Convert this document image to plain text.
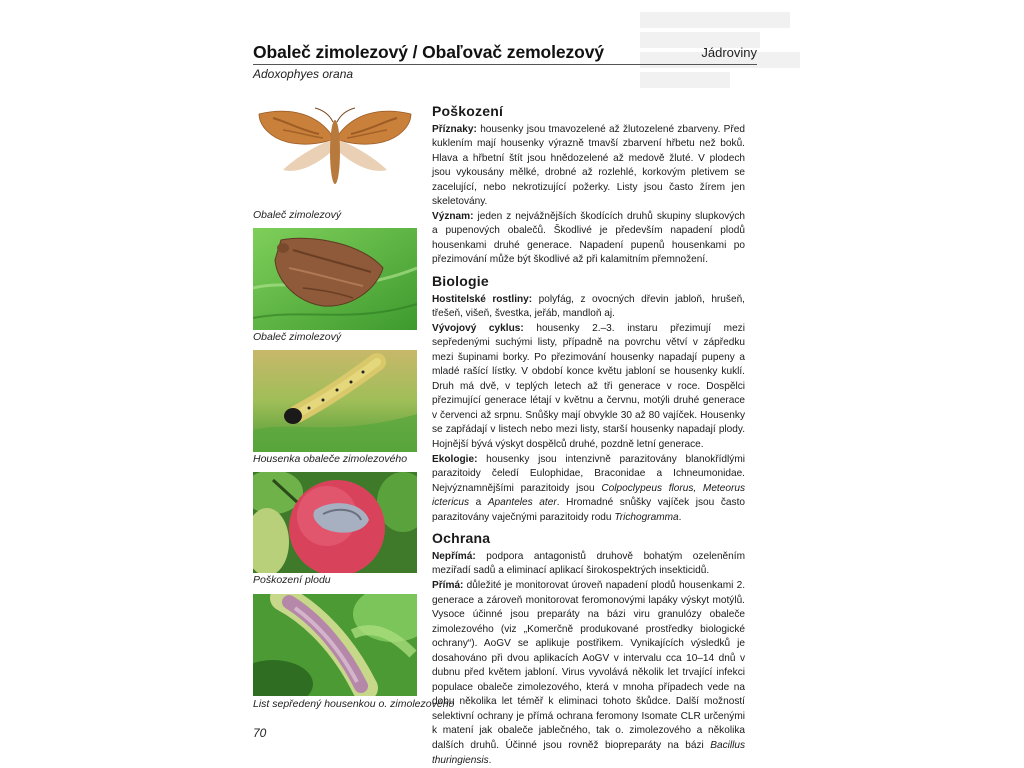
Obaleč zimolezový / Obaľovač zemolezový	Jádroviny
Adoxophyes orana
Obaleč zimolezový
Obaleč zimolezový
Housenka obaleče zimolezového
Poškození plodu
List sepředený housenkou o. zimolezového
Poškození

Příznaky: housenky jsou tmavozelené až žlutozelené zbarveny. Před kuklením mají housenky výrazně tmavší zbarvení hřbetu než boků. Hlava a hřbetní štít jsou hnědozelené až medově žluté. V plodech jsou vykousány mělké, drobné až rozlehlé, korkovým pletivem se zacelující, nebo nekrotizující požerky. Listy jsou často žírem jen skeletovány.

Význam: jeden z nejvážnějších škodících druhů skupiny slupkových a pupenových obalečů. Škodlivé je především napadení plodů housenkami druhé generace. Napadení pupenů housenkami po přezimování může být škodlivé až při kalamitním přemnožení.

Biologie

Hostitelské rostliny: polyfág, z ovocných dřevin jabloň, hrušeň, třešeň, višeň, švestka, jeřáb, mandloň aj.

Vývojový cyklus: housenky 2.–3. instaru přezimují mezi sepředenými suchými listy, případně na povrchu větví v zápředku mezi šupinami borky. Po přezimování housenky napadají pupeny a mladé rašící lístky. V období konce květu jabloní se housenky kuklí. Druh má dvě, v teplých letech až tři generace v roce. Dospělci přezimující generace létají v květnu a červnu, motýli druhé generace v červenci až srpnu. Snůšky mají obvykle 30 až 80 vajíček. Housenky se zapřádají v listech nebo mezi listy, starší housenky napadají plody. Hojnější bývá výskyt dospělců druhé, pozdně letní generace.

Ekologie: housenky jsou intenzivně parazitovány blanokřídlými parazitoidy čeledí Eulophidae, Braconidae a Ichneumonidae. Nejvýznamnějšími parazitoidy jsou Colpoclypeus florus, Meteorus ictericus a Apanteles ater. Hromadné snůšky vajíček jsou často parazitovány vaječnými parazitoidy rodu Trichogramma.

Ochrana

Nepřímá: podpora antagonistů druhově bohatým ozeleněním meziřadí sadů a eliminací aplikací širokospektrých insekticidů.

Přímá: důležité je monitorovat úroveň napadení plodů housenkami 2. generace a zároveň monitorovat feromonovými lapáky výskyt motýlů. Vysoce účinné jsou preparáty na bázi viru granulózy obaleče zimolezového (viz „Komerčně produkované prostředky biologické ochrany“). AoGV se aplikuje postřikem. Vynikajících výsledků je dosahováno při dvou aplikacích AoGV v intervalu cca 10–14 dnů v dubnu před květem jabloní. Virus vyvolává několik let trvající infekci populace obaleče zimolezového, která v mnoha případech vede na dobu několika let téměř k eliminaci tohoto škůdce. Další možností selektivní ochrany je přímá ochrana feromony Isomate CLR určenými k matení jak obaleče jablečného, tak o. zimolezového a několika dalších druhů. Účinné jsou rovněž biopreparáty na bázi Bacillus thuringiensis.

70
